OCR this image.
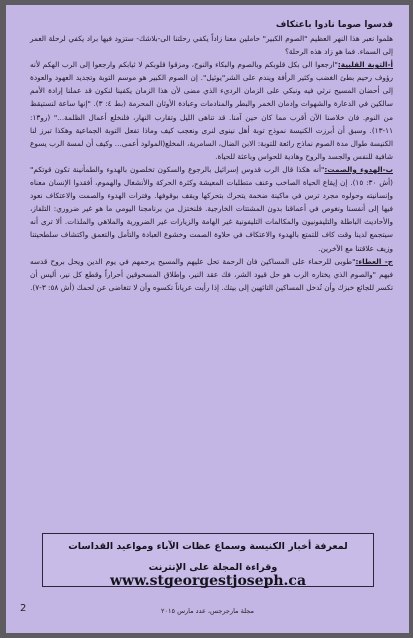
قدسوا صوما نادوا باعتكاف

هلموا نعبر هذا النهر العظيم "الصوم الكبير" حاملين معنا زاداً يكفي رحلتنا الى-بلاشك- ستزود فيها براد يكفي لرحلة العمر إلى السماء. فما هو زاد هذه الرحلة؟

أ-التوبة القلبية:"ارجعوا الى بكل قلوبكم وبالصوم والبكاء والنوح، ومزقوا قلوبكم لا ثيابكم وارجعوا إلى الرب الهكم لأنه رؤوف رحيم بطئ الغضب وكثير الرأفة ويندم على الشر"يوئيل". إن الصوم الكبير هو موسم التوبة وتجديد العهود والعودة إلى أحضان المسيح نرثي فيه ونبكي على الزمان الرديء الذي مضى لأن هذا الزمان يكفينا لنكون قد عملنا إرادة الأمم سالكين في الدعارة والشهوات وإدمان الخمر والبطر والمنادمات وعبادة الأوثان المحرمة (بط ٤: ٣). "إنها ساعة لنستيقظ من النوم. فان خلاصنا الآن أقرب مما كان حين آمنا. قد تناهى الليل وتقارب النهار، فلنخلع أعمال الظلمة..." (رو١٣: ١١-١٣). وسبق أن أبرزت الكنيسة نموذج توبة أهل نينوى لنرى ونعجب كيف وماذا تفعل التوبة الجماعية وهكذا تبرز لنا الكنيسة طوال مدة الصوم نماذج رائعة للتوبة: الابن الضال، السامرية، المخلع(المولود أعمى... وكيف أن لمسة الرب يسوع شافية للنفس والجسد والروح وهادية للحواس وباعثة للحياة.

ب-الهدوء والصمت:"أنه هكذا قال الرب قدوس إسرائيل بالرجوع والسكون تخلصون بالهدوء والطمأنينة تكون قوتكم"(أش ٣٠: ١٥). إن إيقاع الحياة الصاخب وعنف متطلبات المعيشة وكثرة الحركة والأنشغال والهموم، أفقدوا الإنسان معناه وإنسانيته وحولوه مجرد ترس في ماكينة ضخمة يتحرك بتحركها ويقف بوقوفها. وفترات الهدوء والصمت والاعتكاف نعود فيها إلى أنفسنا ونغوص في أعماقنا بدون المشتتات الخارجية. فلنختزل من برنامجنا اليومي ما هو غير ضروري: التلفاز، والأحاديث الباطلة والتليفونيون والمكالمات التليفونية غير الهامة والزيارات غير الضرورية والملاهي والملذات. ألا ترى أنه سيتجمع لدينا وقت كاف للتمتع بالهدوء والاعتكاف في حلاوة الصمت وخشوع العبادة والتأمل والتعمق واكتشاف سلطحيتنا وزيف علاقتنا مع الآخرين.

ج- العطاء:"طوبى للرحماء على المساكين فان الرحمة تحل عليهم والمسيح يرحمهم في يوم الدين ويحل بروح قدسه فيهم "والصوم الذي يختاره الرب هو حل قيود الشر، فك عقد النير، وإطلاق المسحوقين أحراراً وقطع كل نير، أليس أن تكسر للجائع خبزك وأن تُدخل المساكين التائهين إلى بيتك. إذا رأيت عرياناً تكسوه وأن لا تتغاضى عن لحمك (أش ٥٨: ٣-٧).

لمعرفة أخبار الكنيسة وسماع عظات الآباء ومواعيد القداسات
وقراءة المجلة على الإنترنت    www.stgeorgestjoseph.ca
2	مجلة مارجرجس، عدد مارس ٢٠١٥
